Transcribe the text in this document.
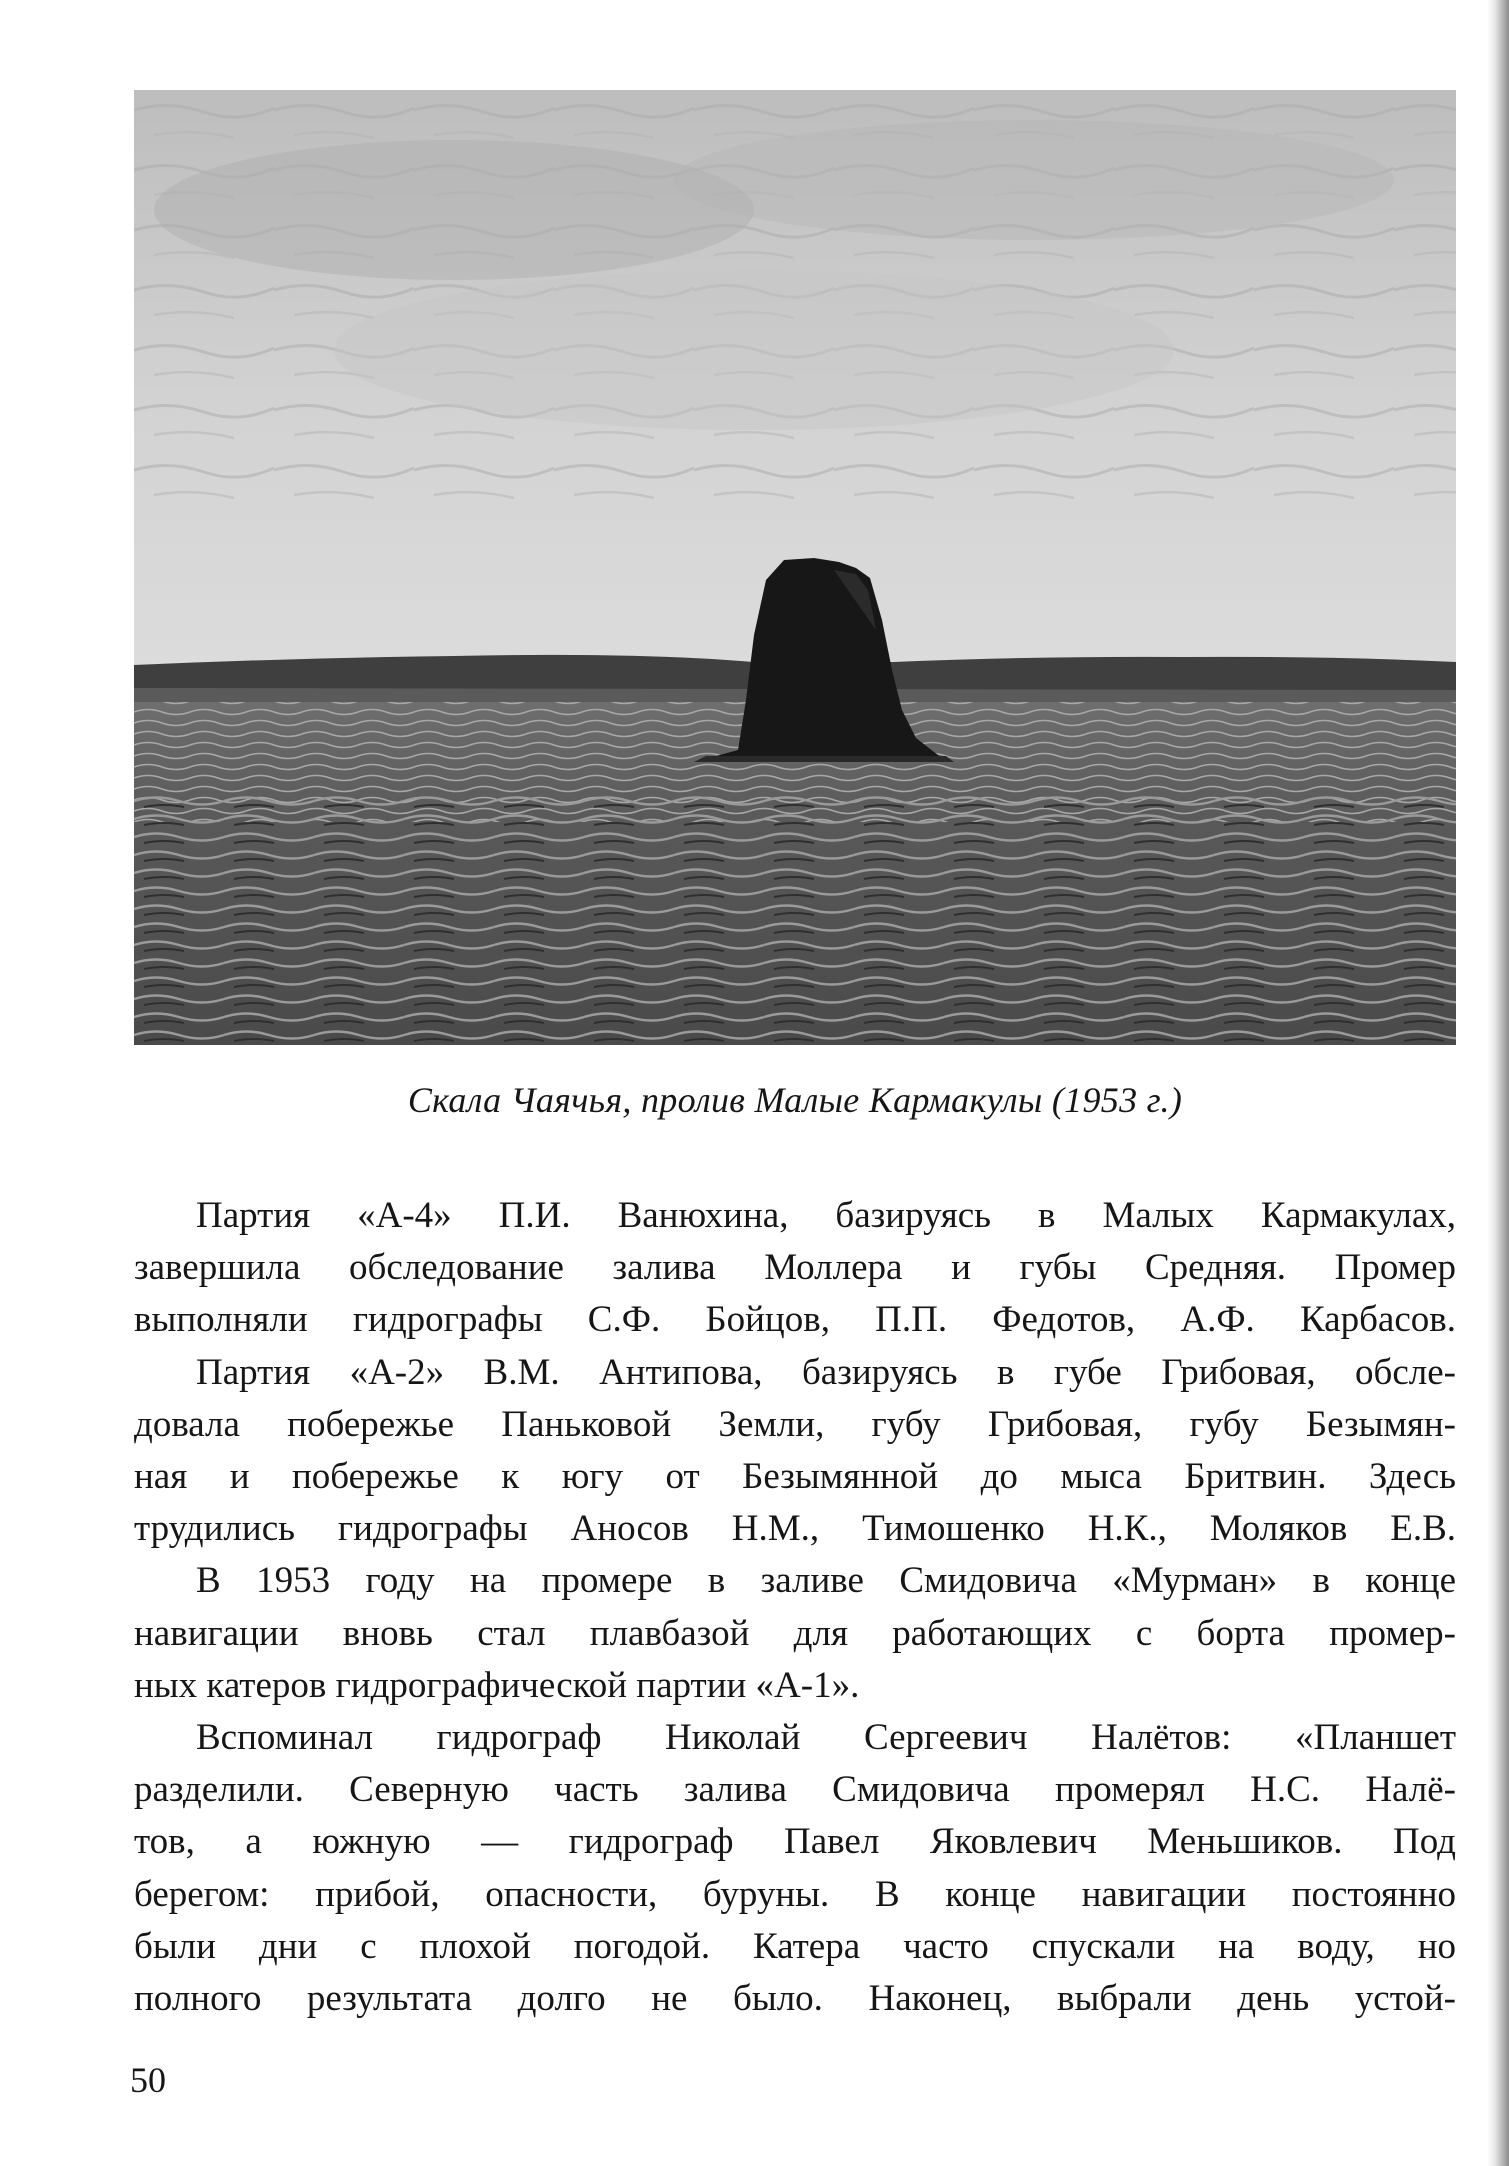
Скала Чаячья, пролив Малые Кармакулы (1953 г.)
Партия «А-4» П.И. Ванюхина, базируясь в Малых Кармакулах,
завершила обследование залива Моллера и губы Средняя. Промер
выполняли гидрографы С.Ф. Бойцов, П.П. Федотов, А.Ф. Карбасов.
Партия «А-2» В.М. Антипова, базируясь в губе Грибовая, обсле-
довала побережье Паньковой Земли, губу Грибовая, губу Безымян-
ная и побережье к югу от Безымянной до мыса Бритвин. Здесь
трудились гидрографы Аносов Н.М., Тимошенко Н.К., Моляков Е.В.
В 1953 году на промере в заливе Смидовича «Мурман» в конце
навигации вновь стал плавбазой для работающих с борта промер-
ных катеров гидрографической партии «А-1».
Вспоминал гидрограф Николай Сергеевич Налётов: «Планшет
разделили. Северную часть залива Смидовича промерял Н.С. Налё-
тов, а южную — гидрограф Павел Яковлевич Меньшиков. Под
берегом: прибой, опасности, буруны. В конце навигации постоянно
были дни с плохой погодой. Катера часто спускали на воду, но
полного результата долго не было. Наконец, выбрали день устой-
50
